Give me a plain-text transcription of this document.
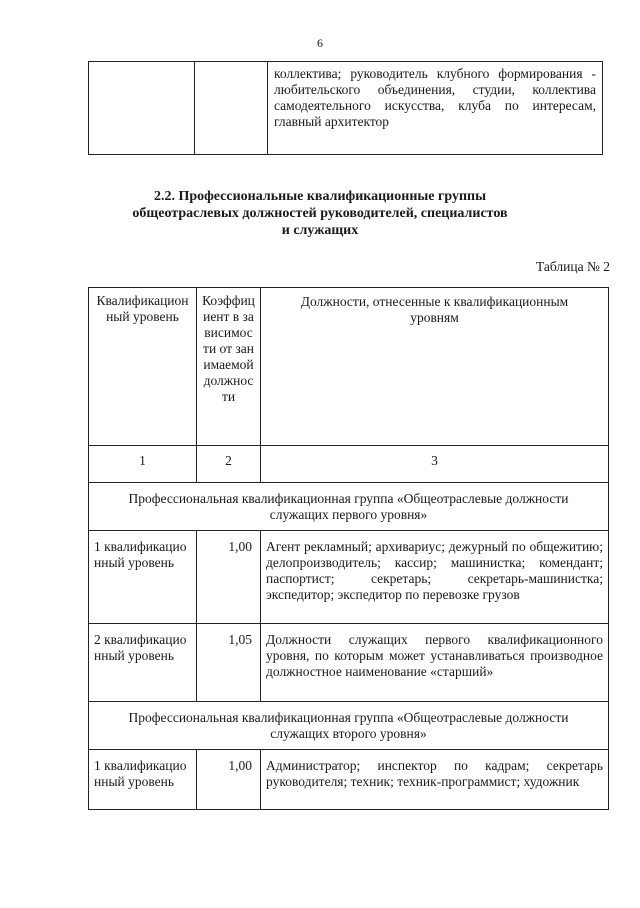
6
		коллектива; руководитель клубного формирования - любительского объединения, студии, коллектива самодеятельного искусства, клуба по интересам, главный архитектор
2.2. Профессиональные квалификационные группы
общеотраслевых должностей руководителей, специалистов
и служащих
Таблица № 2
Квалификационный уровень	Коэффициент в зависимости от занимаемой должности	Должности, отнесенные к квалификационным уровням
1	2	3
Профессиональная квалификационная группа «Общеотраслевые должности служащих первого уровня»		
1 квалификационный уровень	1,00	Агент рекламный; архивариус; дежурный по общежитию; делопроизводитель; кассир; машинистка; комендант; паспортист; секретарь; секретарь-машинистка; экспедитор; экспедитор по перевозке грузов
2 квалификационный уровень	1,05	Должности служащих первого квалификационного уровня, по которым может устанавливаться производное должностное наименование «старший»
Профессиональная квалификационная группа «Общеотраслевые должности служащих второго уровня»		
1 квалификационный уровень	1,00	Администратор; инспектор по кадрам; секретарь руководителя; техник; техник-программист; художник
